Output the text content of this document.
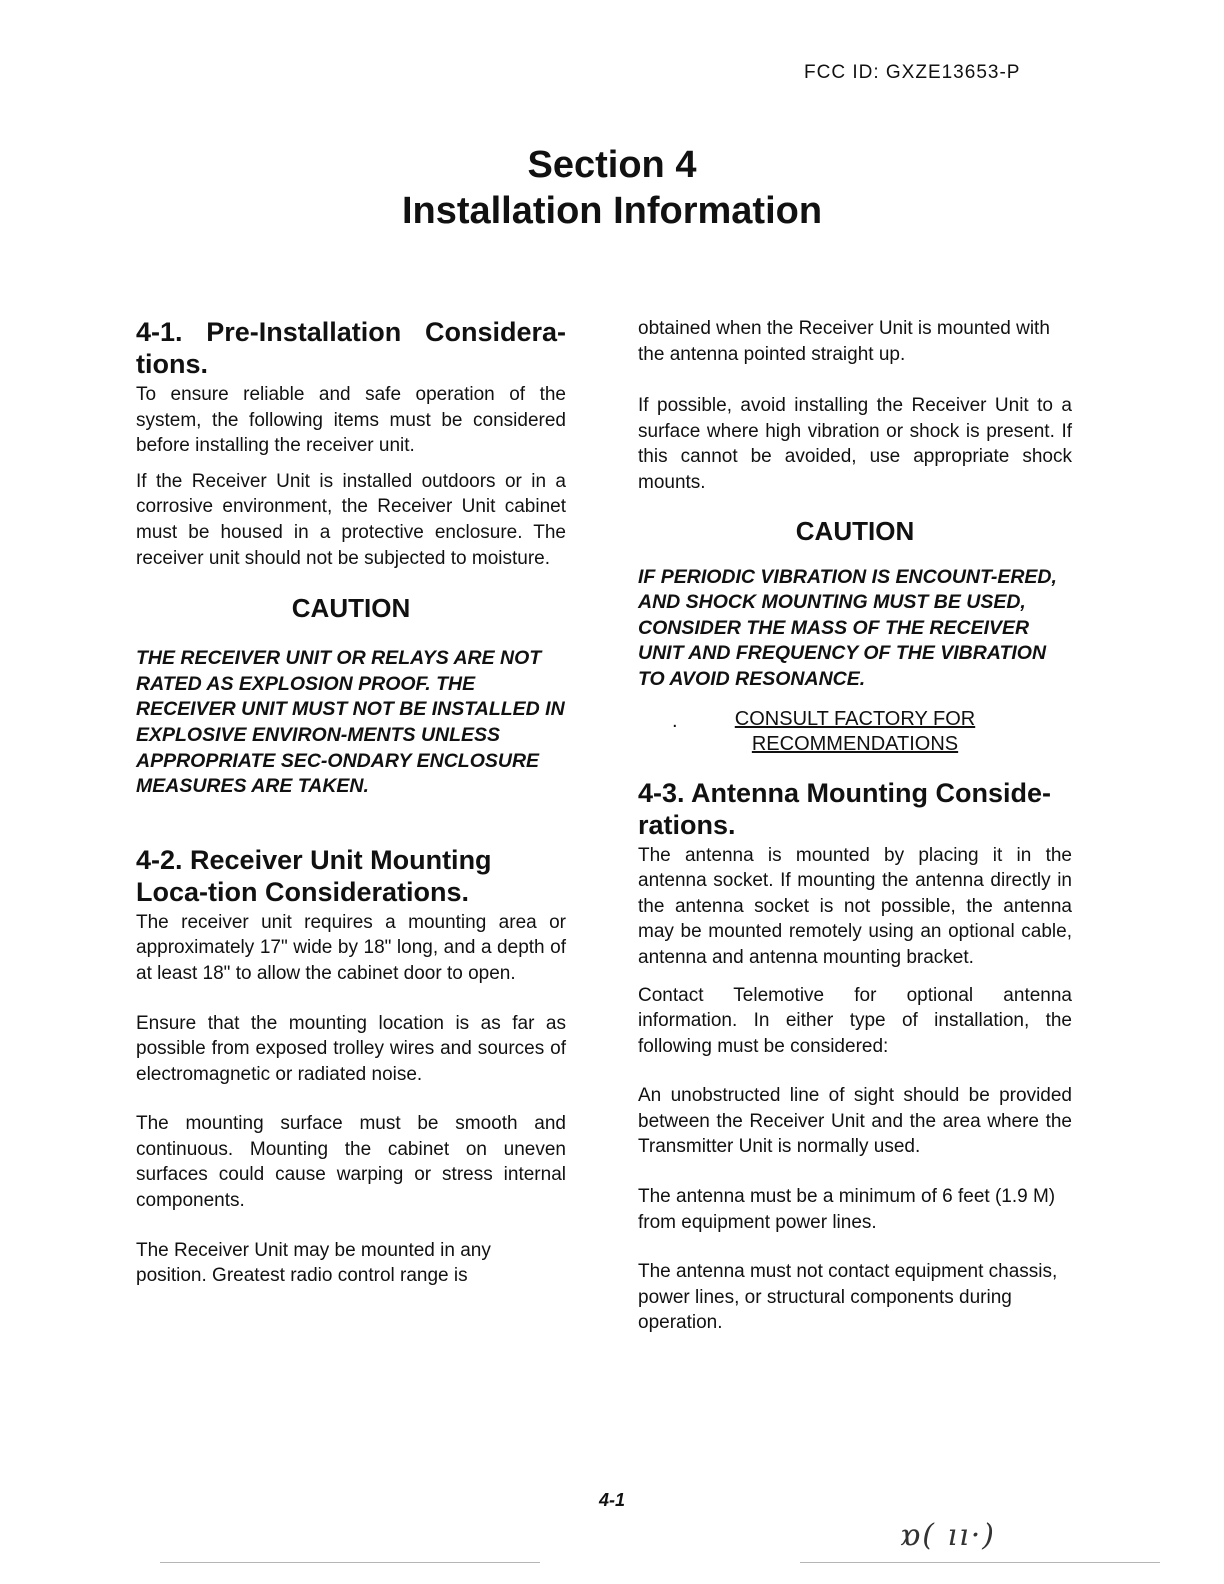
FCC ID: GXZE13653-P
Section 4
Installation Information
4-1. Pre-Installation Considera-tions.

To ensure reliable and safe operation of the system, the following items must be considered before installing the receiver unit.

If the Receiver Unit is installed outdoors or in a corrosive environment, the Receiver Unit cabinet must be housed in a protective enclosure. The receiver unit should not be subjected to moisture.

CAUTION
THE RECEIVER UNIT OR RELAYS ARE NOT RATED AS EXPLOSION PROOF. THE RECEIVER UNIT MUST NOT BE INSTALLED IN EXPLOSIVE ENVIRON-MENTS UNLESS APPROPRIATE SEC-ONDARY ENCLOSURE MEASURES ARE TAKEN.
4-2. Receiver Unit Mounting Loca-tion Considerations.

The receiver unit requires a mounting area or approximately 17" wide by 18" long, and a depth of at least 18" to allow the cabinet door to open.

Ensure that the mounting location is as far as possible from exposed trolley wires and sources of electromagnetic or radiated noise.

The mounting surface must be smooth and continuous. Mounting the cabinet on uneven surfaces could cause warping or stress internal components.

The Receiver Unit may be mounted in any position. Greatest radio control range is

obtained when the Receiver Unit is mounted with the antenna pointed straight up.

If possible, avoid installing the Receiver Unit to a surface where high vibration or shock is present. If this cannot be avoided, use appropriate shock mounts.

CAUTION
IF PERIODIC VIBRATION IS ENCOUNT-ERED, AND SHOCK MOUNTING MUST BE USED, CONSIDER THE MASS OF THE RECEIVER UNIT AND FREQUENCY OF THE VIBRATION TO AVOID RESONANCE.
.	CONSULT FACTORY FOR
RECOMMENDATIONS
4-3. Antenna Mounting Conside-rations.

The antenna is mounted by placing it in the antenna socket. If mounting the antenna directly in the antenna socket is not possible, the antenna may be mounted remotely using an optional cable, antenna and antenna mounting bracket.

Contact Telemotive for optional antenna information. In either type of installation, the following must be considered:

An unobstructed line of sight should be provided between the Receiver Unit and the area where the Transmitter Unit is normally used.

The antenna must be a minimum of 6 feet (1.9 M) from equipment power lines.

The antenna must not contact equipment chassis, power lines, or structural components during operation.

4-1
ɒ( ıı·)
